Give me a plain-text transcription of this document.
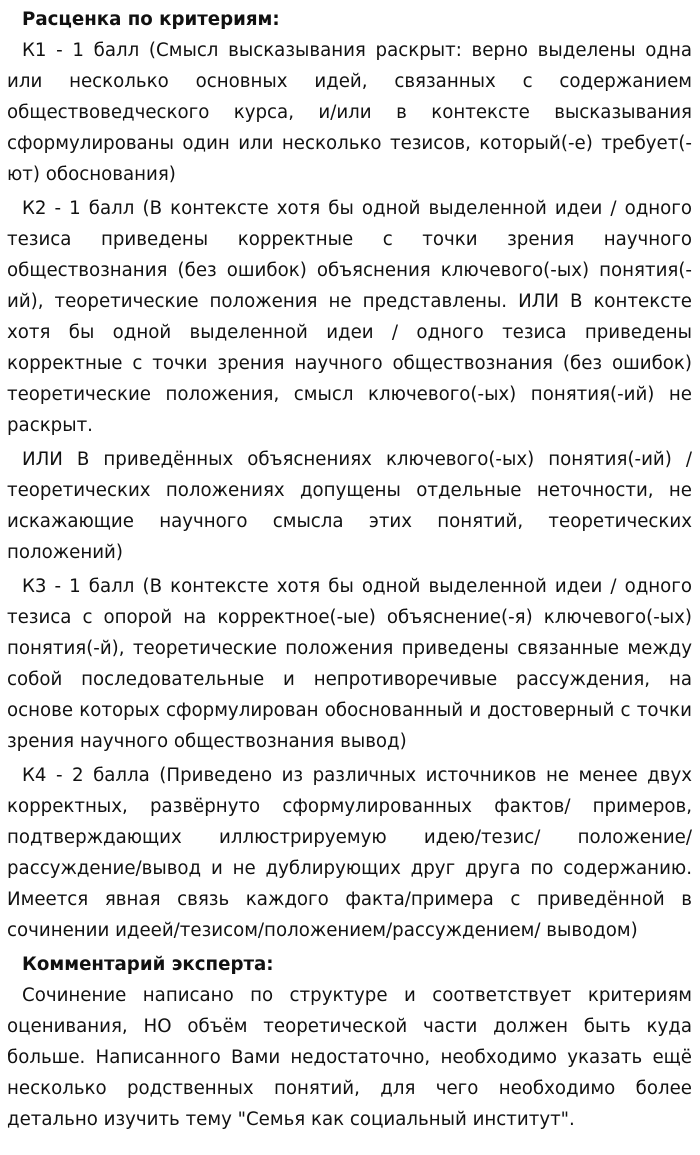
Расценка по критериям:

К1 - 1 балл (Смысл высказывания раскрыт: верно выделены одна или несколько основных идей, связанных с содержанием обществоведческого курса, и/или в контексте высказывания сформулированы один или несколько тезисов, который(-е) требует(-ют) обоснования)

К2 - 1 балл (В контексте хотя бы одной выделенной идеи / одного тезиса приведены корректные с точки зрения научного обществознания (без ошибок) объяснения ключевого(-ых) понятия(-ий), теоретические положения не представлены. ИЛИ В контексте хотя бы одной выделенной идеи / одного тезиса приведены корректные с точки зрения научного обществознания (без ошибок) теоретические положения, смысл ключевого(-ых) понятия(-ий) не раскрыт.

ИЛИ В приведённых объяснениях ключевого(-ых) понятия(-ий) / теоретических положениях допущены отдельные неточности, не искажающие научного смысла этих понятий, теоретических положений)

К3 - 1 балл (В контексте хотя бы одной выделенной идеи / одного тезиса с опорой на корректное(-ые) объяснение(-я) ключевого(-ых) понятия(-й), теоретические положения приведены связанные между собой последовательные и непротиворечивые рассуждения, на основе которых сформулирован обоснованный и достоверный с точки зрения научного обществознания вывод)

К4 - 2 балла (Приведено из различных источников не менее двух корректных, развёрнуто сформулированных фактов/ примеров, подтверждающих иллюстрируемую идею/тезис/ положение/ рассуждение/вывод и не дублирующих друг друга по содержанию. Имеется явная связь каждого факта/примера с приведённой в сочинении идеей/тезисом/положением/рассуждением/ выводом)

Комментарий эксперта:

Сочинение написано по структуре и соответствует критериям оценивания, НО объём теоретической части должен быть куда больше. Написанного Вами недостаточно, необходимо указать ещё несколько родственных понятий, для чего необходимо более детально изучить тему "Семья как социальный институт".
